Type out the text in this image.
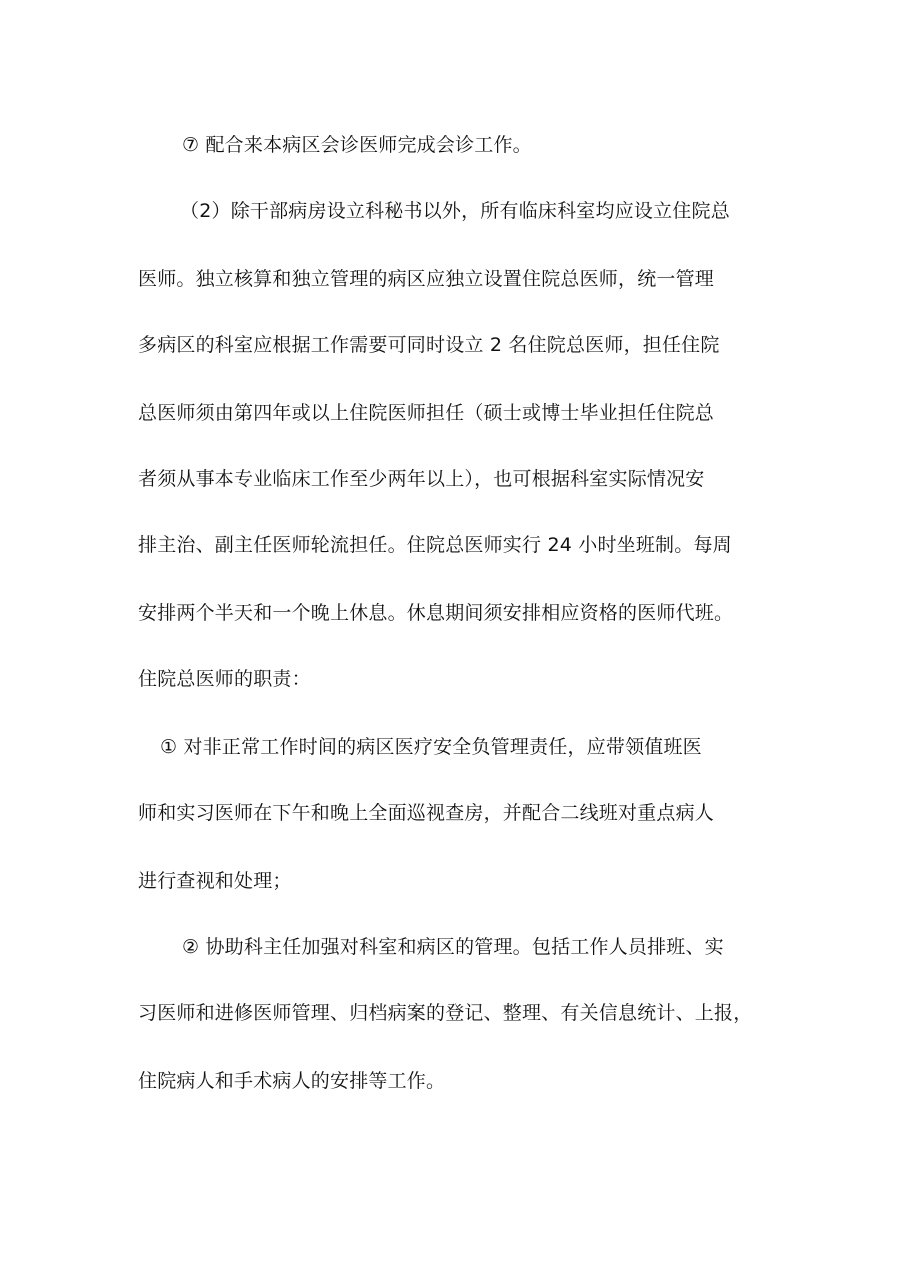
⑦ 配合来本病区会诊医师完成会诊工作。
（2）除干部病房设立科秘书以外，所有临床科室均应设立住院总
医师。独立核算和独立管理的病区应独立设置住院总医师，统一管理
多病区的科室应根据工作需要可同时设立 2 名住院总医师，担任住院
总医师须由第四年或以上住院医师担任（硕士或博士毕业担任住院总
者须从事本专业临床工作至少两年以上），也可根据科室实际情况安
排主治、副主任医师轮流担任。住院总医师实行 24 小时坐班制。每周
安排两个半天和一个晚上休息。休息期间须安排相应资格的医师代班。
住院总医师的职责：
① 对非正常工作时间的病区医疗安全负管理责任，应带领值班医
师和实习医师在下午和晚上全面巡视查房，并配合二线班对重点病人
进行查视和处理；
② 协助科主任加强对科室和病区的管理。包括工作人员排班、实
习医师和进修医师管理、归档病案的登记、整理、有关信息统计、上报，
住院病人和手术病人的安排等工作。
